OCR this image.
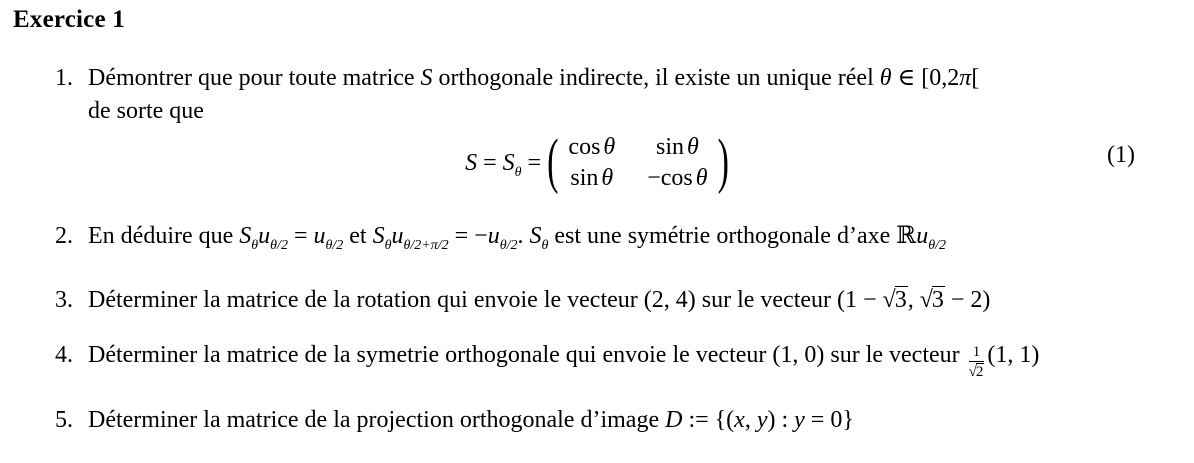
Exercice 1
1. Démontrer que pour toute matrice S orthogonale indirecte, il existe un unique réel θ ∈ [0,2π[
de sorte que
$S = S_\theta$ = ( cos θ	sin θ
sin θ −cos θ )	(1)
2. En déduire que $S_\theta u_{\theta/2} = u_{\theta/2}$ et $S_\theta u_{\theta/2+\pi/2} = -u_{\theta/2}$. $S_\theta$ est une symétrie orthogonale d’axe ℝu$_{\theta/2}$
3. Déterminer la matrice de la rotation qui envoie le vecteur (2, 4) sur le vecteur (1 − √3, √3 − 2)
4. Déterminer la matrice de la symetrie orthogonale qui envoie le vecteur (1, 0) sur le vecteur $\frac{1}{√2} (1$, 1)
5. Déterminer la matrice de la projection orthogonale d’image D := {(x, y) : y = 0}
